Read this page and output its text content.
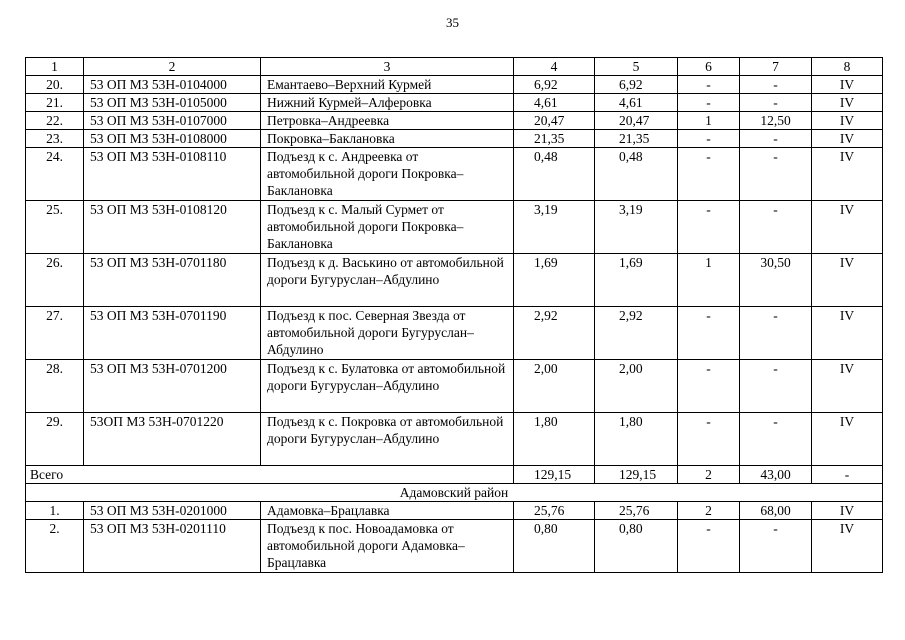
35
1	2	3	4	5	6	7	8
20.	53 ОП МЗ 53Н-0104000	Емантаево–Верхний Курмей	6,92	6,92	-	-	IV
21.	53 ОП МЗ 53Н-0105000	Нижний Курмей–Алферовка	4,61	4,61	-	-	IV
22.	53 ОП МЗ 53Н-0107000	Петровка–Андреевка	20,47	20,47	1	12,50	IV
23.	53 ОП МЗ 53Н-0108000	Покровка–Баклановка	21,35	21,35	-	-	IV
24.	53 ОП МЗ 53Н-0108110	Подъезд к с. Андреевка от автомобильной дороги Покровка–Баклановка	0,48	0,48	-	-	IV
25.	53 ОП МЗ 53Н-0108120	Подъезд к с. Малый Сурмет от автомобильной дороги Покровка–Баклановка	3,19	3,19	-	-	IV
26.	53 ОП МЗ 53Н-0701180	Подъезд к д. Васькино от автомобильной дороги Бугуруслан–Абдулино	1,69	1,69	1	30,50	IV
27.	53 ОП МЗ 53Н-0701190	Подъезд к пос. Северная Звезда от автомобильной дороги Бугуруслан–Абдулино	2,92	2,92	-	-	IV
28.	53 ОП МЗ 53Н-0701200	Подъезд к с. Булатовка от автомобильной дороги Бугуруслан–Абдулино	2,00	2,00	-	-	IV
29.	53ОП МЗ 53Н-0701220	Подъезд к с. Покровка от автомобильной дороги Бугуруслан–Абдулино	1,80	1,80	-	-	IV
Всего			129,15	129,15	2	43,00	-
Адамовский район							
1.	53 ОП МЗ 53Н-0201000	Адамовка–Брацлавка	25,76	25,76	2	68,00	IV
2.	53 ОП МЗ 53Н-0201110	Подъезд к пос. Новоадамовка от автомобильной дороги Адамовка–Брацлавка	0,80	0,80	-	-	IV
